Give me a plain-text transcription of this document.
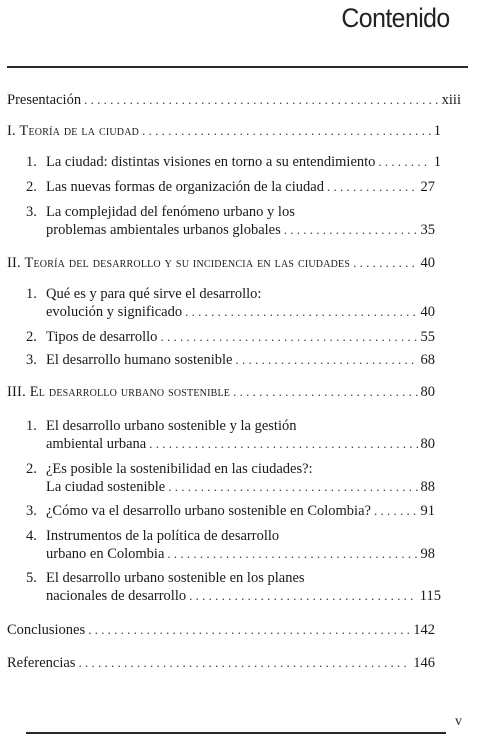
Contenido
Presentación . . .	xiii
I. Teoría de la ciudad . . .	1
1. La ciudad: distintas visiones en torno a su entendimiento . . .	1
2. Las nuevas formas de organización de la ciudad . . .	27
3. La complejidad del fenómeno urbano y los
problemas ambientales urbanos globales . . .	35
II. Teoría del desarrollo y su incidencia en las ciudades . . .	40
1. Qué es y para qué sirve el desarrollo:
evolución y significado . . .	40
2. Tipos de desarrollo . . .	55
3. El desarrollo humano sostenible . . .	68
III. El desarrollo urbano sostenible . . .	80
1. El desarrollo urbano sostenible y la gestión
ambiental urbana . . .	80
2. ¿Es posible la sostenibilidad en las ciudades?:
La ciudad sostenible . . .	88
3. ¿Cómo va el desarrollo urbano sostenible en Colombia? . . .	91
4. Instrumentos de la política de desarrollo
urbano en Colombia . . .	98
5. El desarrollo urbano sostenible en los planes
nacionales de desarrollo . . .	115
Conclusiones . . .	142
Referencias . . .	146
v
